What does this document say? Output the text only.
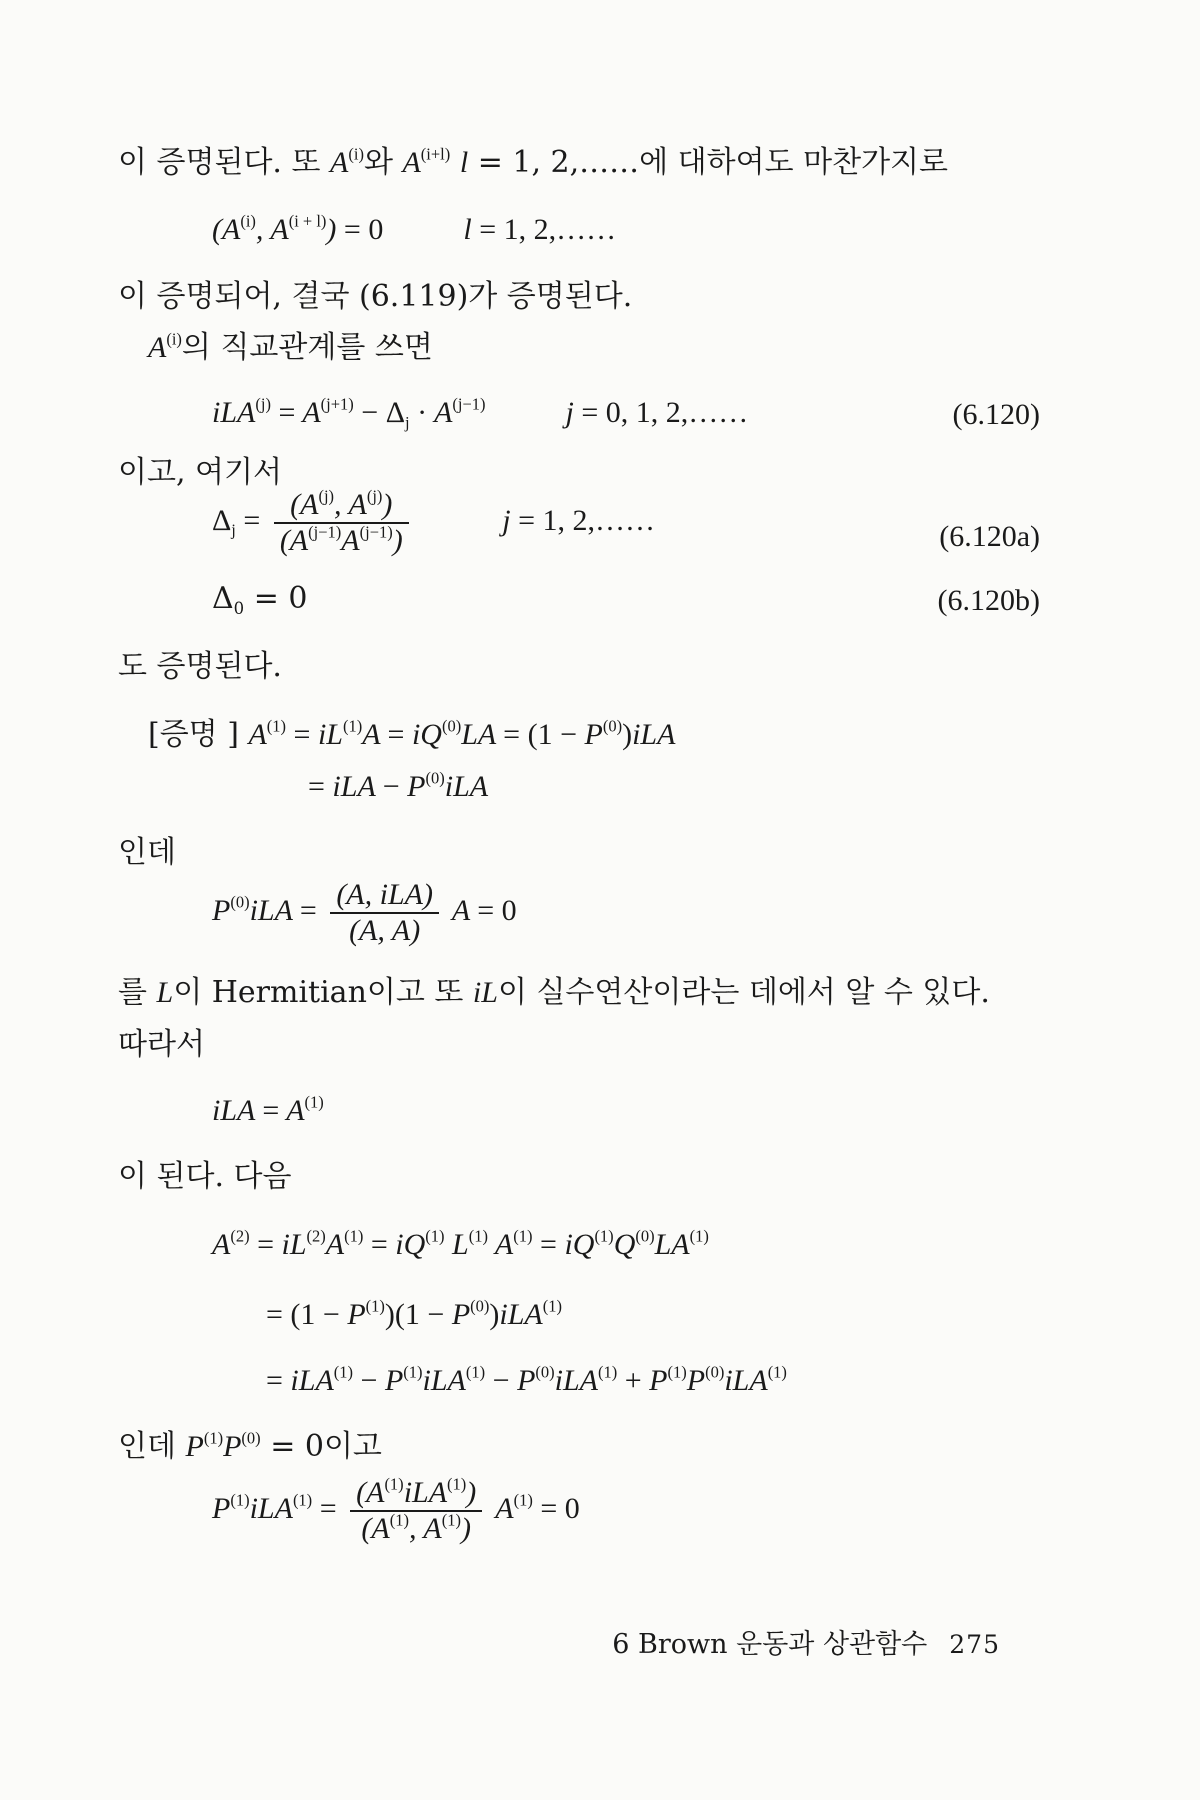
이 증명된다. 또 $A^{(i)}$와 $A^{(i+l)}$ l = 1, 2,……에 대하여도 마찬가지로
($A^{(i)}$, $A^{(i + l)}) = 0$	l = 1, 2,……
이 증명되어, 결국 (6.119)가 증명된다.
$A^{(i)}$의 직교관계를 쓰면
$iLA^{(j)} = A^{(j+1)} - \Delta_j \cdot A^{(j-1)}$	j = 0, 1, 2,……	(6.120)
이고, 여기서
$\Delta_j = \frac{(A^{(j)}, A^{(j)})}{(A^{(j-1)}A^{(j-1)})}$	j = 1, 2,……	(6.120a)
$\Delta_0 = 0$	(6.120b)
도 증명된다.
[증명 ] $A^{(1)} = iL^{(1)}A = iQ^{(0)}LA = (1 - P^{(0)})iLA$
= iLA − $P^{(0)}iLA$
인데
$P^{(0)}iLA = \frac{\text{(A, iLA)}}{(A, A)}$ A = 0
를 L이 Hermitian이고 또 iL이 실수연산이라는 데에서 알 수 있다.
따라서
iLA = $A^{(1)}$
이 된다. 다음
$A^{(2)} = iL^{(2)}A^{(1)} = iQ^{(1)}$ $L^{(1)}$ $A^{(1)} = iQ^{(1)}Q^{(0)}LA^{(1)}$
= $(1 - P^{(1)})(1 - P^{(0)})iLA^{(1)}$
= $iLA^{(1)} - P^{(1)}iLA^{(1)} - P^{(0)}iLA^{(1)} + P^{(1)}P^{(0)}iLA^{(1)}$
인데 $P^{(1)}P^{(0)} = 0$이고
$P^{(1)}iLA^{(1)} = \frac{(A^{(1)}iLA^{(1)})}{(A^{(1)}, A^{(1)})} A^{(1)} = 0$
6 Brown 운동과 상관함수 275
